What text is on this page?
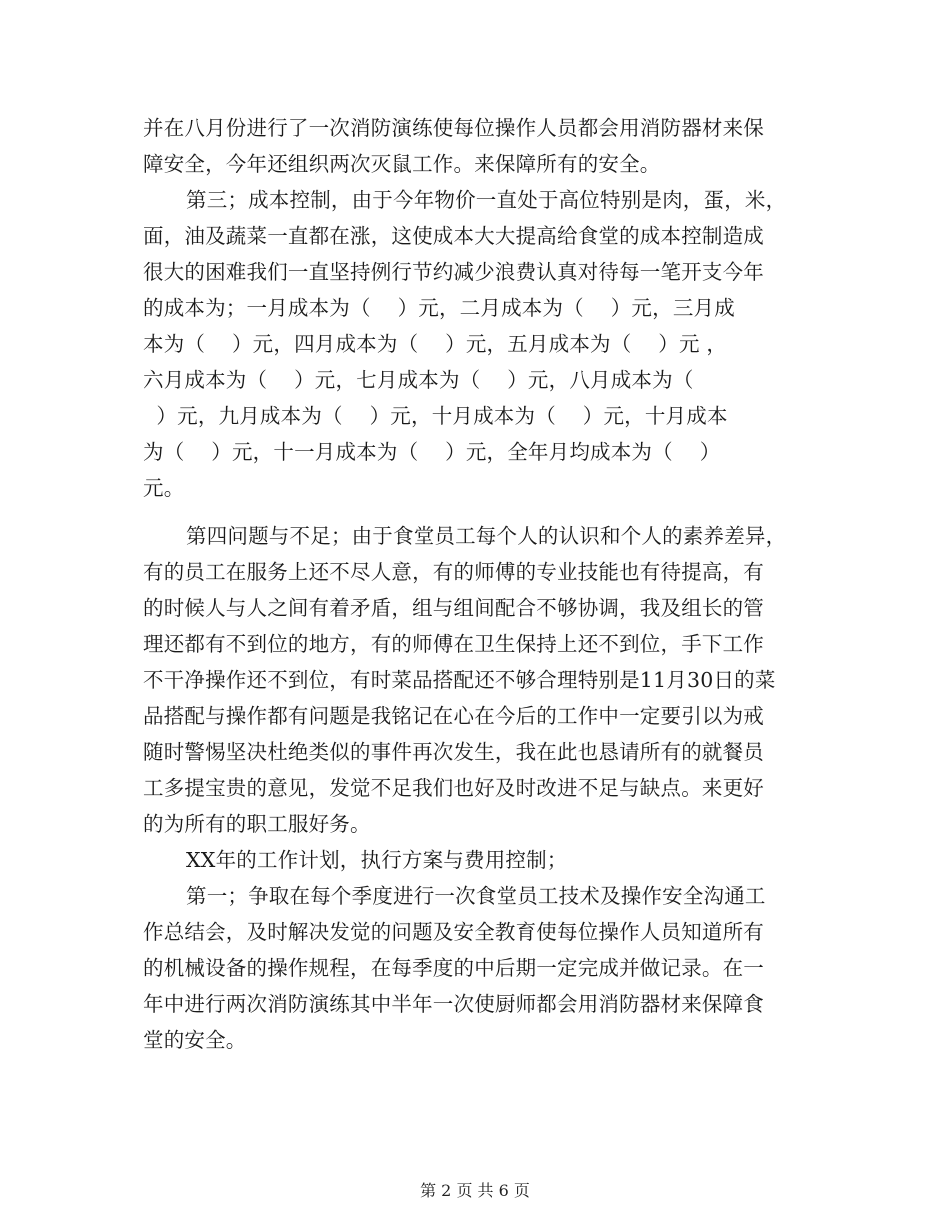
并在八月份进行了一次消防演练使每位操作人员都会用消防器材来保
障安全，今年还组织两次灭鼠工作。来保障所有的安全。
第三；成本控制，由于今年物价一直处于高位特别是肉，蛋，米，
面，油及蔬菜一直都在涨，这使成本大大提高给食堂的成本控制造成
很大的困难我们一直坚持例行节约减少浪费认真对待每一笔开支今年
的成本为；一月成本为（    ）元，二月成本为（    ）元，三月成
本为（    ）元，四月成本为（    ）元，五月成本为（    ）元 ，
六月成本为（    ）元，七月成本为（    ）元，八月成本为（
）元，九月成本为（    ）元，十月成本为（    ）元，十月成本
为（    ）元，十一月成本为（    ）元，全年月均成本为（    ）
元。
第四问题与不足；由于食堂员工每个人的认识和个人的素养差异，
有的员工在服务上还不尽人意，有的师傅的专业技能也有待提高，有
的时候人与人之间有着矛盾，组与组间配合不够协调，我及组长的管
理还都有不到位的地方，有的师傅在卫生保持上还不到位，手下工作
不干净操作还不到位，有时菜品搭配还不够合理特别是11月30日的菜
品搭配与操作都有问题是我铭记在心在今后的工作中一定要引以为戒
随时警惕坚决杜绝类似的事件再次发生，我在此也恳请所有的就餐员
工多提宝贵的意见，发觉不足我们也好及时改进不足与缺点。来更好
的为所有的职工服好务。
XX年的工作计划，执行方案与费用控制；
第一；争取在每个季度进行一次食堂员工技术及操作安全沟通工
作总结会，及时解决发觉的问题及安全教育使每位操作人员知道所有
的机械设备的操作规程，在每季度的中后期一定完成并做记录。在一
年中进行两次消防演练其中半年一次使厨师都会用消防器材来保障食
堂的安全。
第 2 页 共 6 页
